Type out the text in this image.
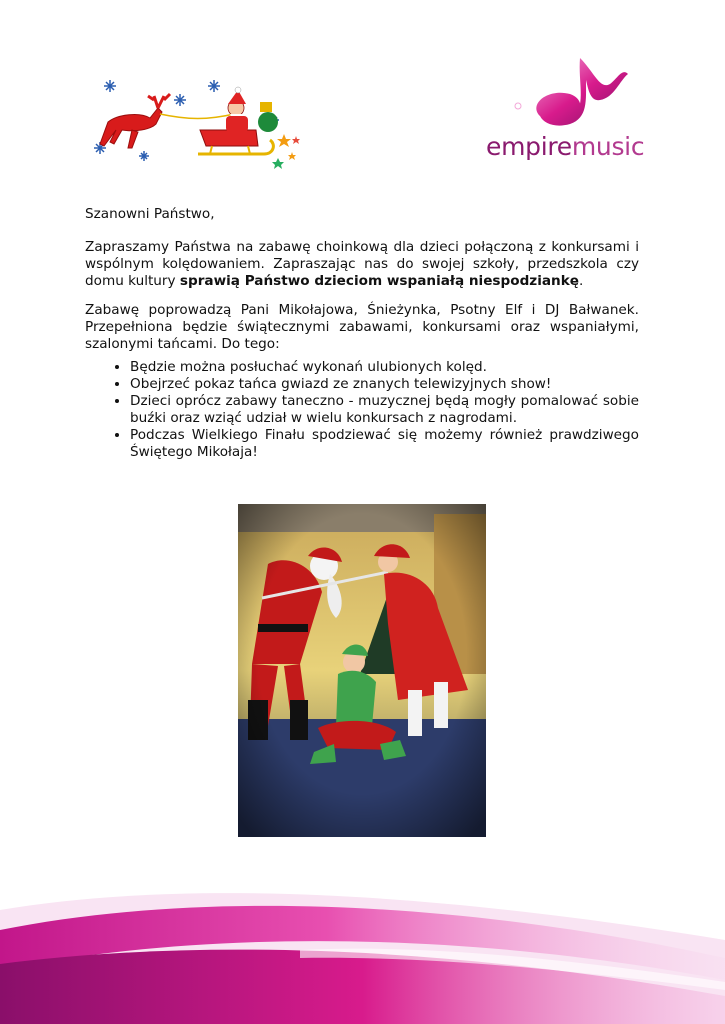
empiremusic

Szanowni Państwo,

Zapraszamy Państwa na zabawę choinkową dla dzieci połączoną z konkursami i wspólnym kolędowaniem. Zapraszając nas do swojej szkoły, przedszkola czy domu kultury sprawią Państwo dzieciom wspaniałą niespodziankę.

Zabawę poprowadzą Pani Mikołajowa, Śnieżynka, Psotny Elf i DJ Bałwanek. Przepełniona będzie świątecznymi zabawami, konkursami oraz wspaniałymi, szalonymi tańcami. Do tego:

• Będzie można posłuchać wykonań ulubionych kolęd.
• Obejrzeć pokaz tańca gwiazd ze znanych telewizyjnych show!
• Dzieci oprócz zabawy taneczno - muzycznej będą mogły pomalować sobie buźki oraz wziąć udział w wielu konkursach z nagrodami.
• Podczas Wielkiego Finału spodziewać się możemy również prawdziwego Świętego Mikołaja!
